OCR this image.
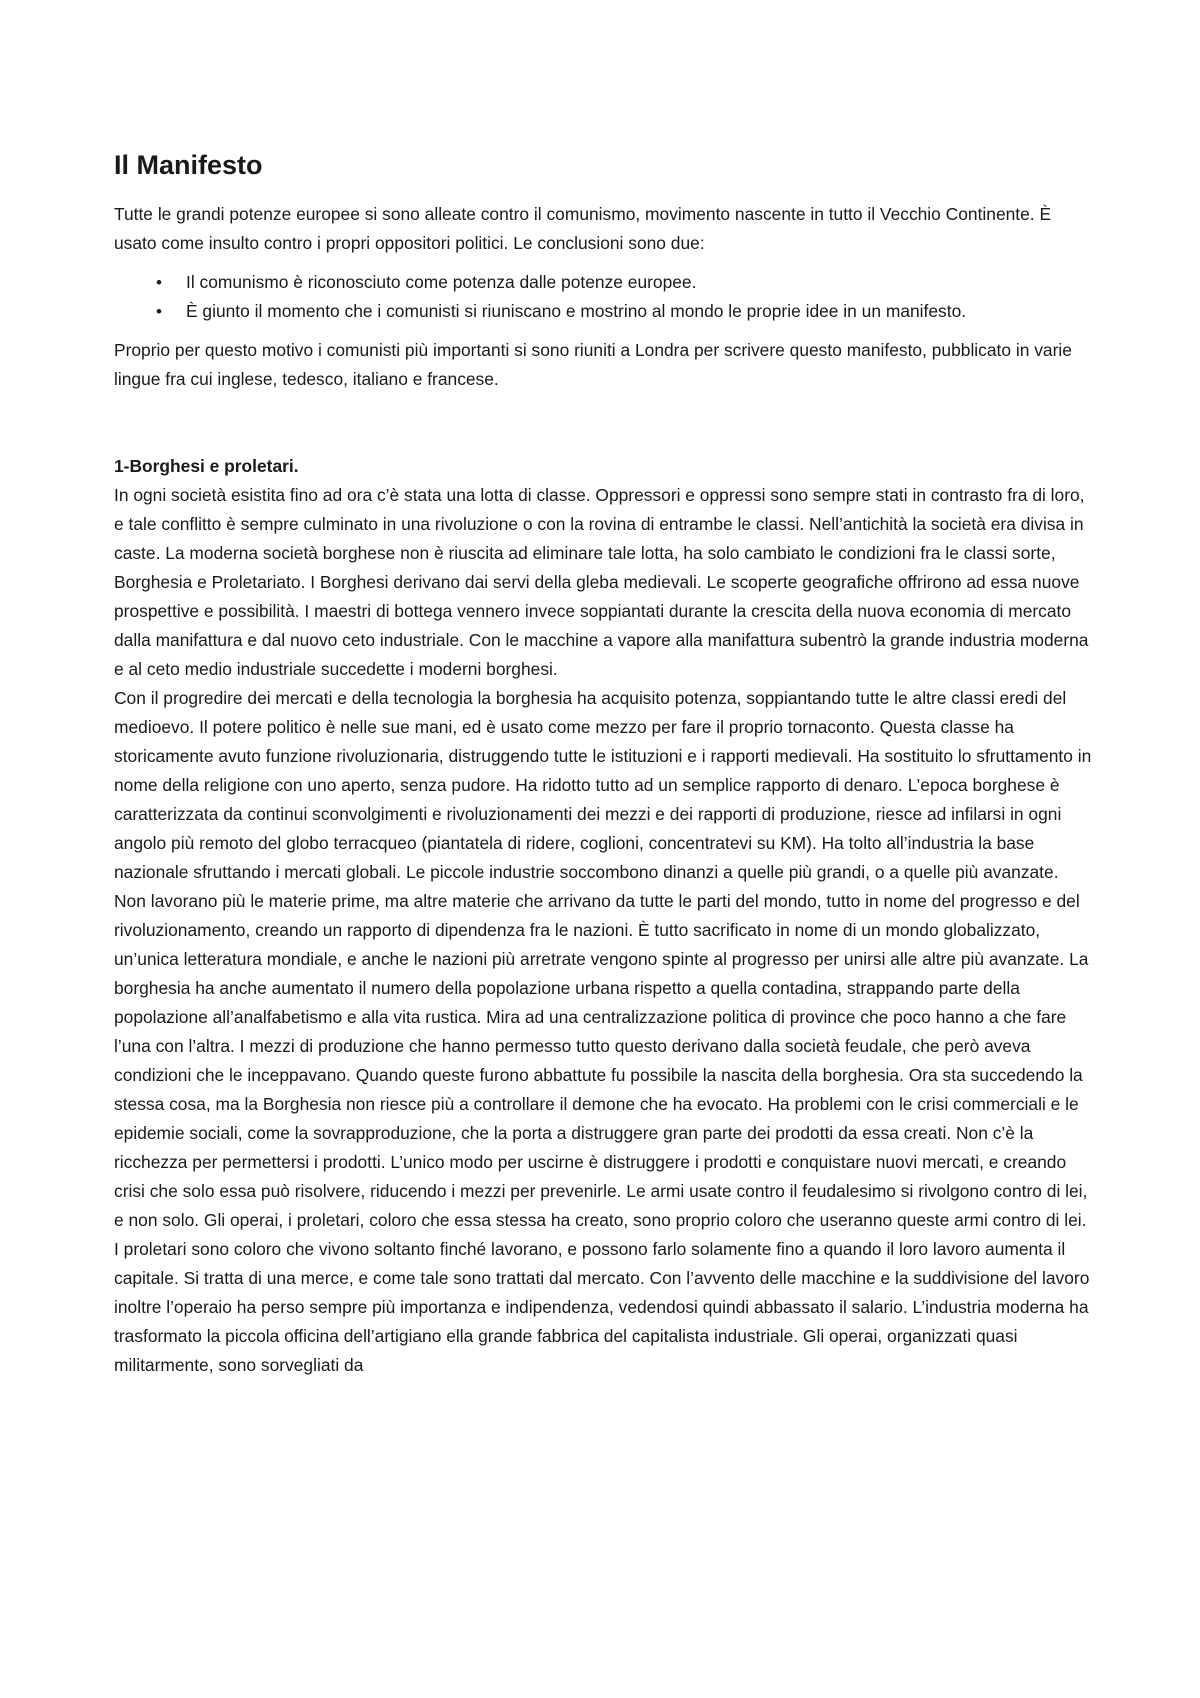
Il Manifesto

Tutte le grandi potenze europee si sono alleate contro il comunismo, movimento nascente in tutto il Vecchio Continente. È usato come insulto contro i propri oppositori politici. Le conclusioni sono due:

• Il comunismo è riconosciuto come potenza dalle potenze europee.
• È giunto il momento che i comunisti si riuniscano e mostrino al mondo le proprie idee in un manifesto.

Proprio per questo motivo i comunisti più importanti si sono riuniti a Londra per scrivere questo manifesto, pubblicato in varie lingue fra cui inglese, tedesco, italiano e francese.

1-Borghesi e proletari.

In ogni società esistita fino ad ora c’è stata una lotta di classe. Oppressori e oppressi sono sempre stati in contrasto fra di loro, e tale conflitto è sempre culminato in una rivoluzione o con la rovina di entrambe le classi. Nell’antichità la società era divisa in caste. La moderna società borghese non è riuscita ad eliminare tale lotta, ha solo cambiato le condizioni fra le classi sorte, Borghesia e Proletariato. I Borghesi derivano dai servi della gleba medievali. Le scoperte geografiche offrirono ad essa nuove prospettive e possibilità. I maestri di bottega vennero invece soppiantati durante la crescita della nuova economia di mercato dalla manifattura e dal nuovo ceto industriale. Con le macchine a vapore alla manifattura subentrò la grande industria moderna e al ceto medio industriale succedette i moderni borghesi.

Con il progredire dei mercati e della tecnologia la borghesia ha acquisito potenza, soppiantando tutte le altre classi eredi del medioevo. Il potere politico è nelle sue mani, ed è usato come mezzo per fare il proprio tornaconto. Questa classe ha storicamente avuto funzione rivoluzionaria, distruggendo tutte le istituzioni e i rapporti medievali. Ha sostituito lo sfruttamento in nome della religione con uno aperto, senza pudore. Ha ridotto tutto ad un semplice rapporto di denaro. L’epoca borghese è caratterizzata da continui sconvolgimenti e rivoluzionamenti dei mezzi e dei rapporti di produzione, riesce ad infilarsi in ogni angolo più remoto del globo terracqueo (piantatela di ridere, coglioni, concentratevi su KM). Ha tolto all’industria la base nazionale sfruttando i mercati globali. Le piccole industrie soccombono dinanzi a quelle più grandi, o a quelle più avanzate. Non lavorano più le materie prime, ma altre materie che arrivano da tutte le parti del mondo, tutto in nome del progresso e del rivoluzionamento, creando un rapporto di dipendenza fra le nazioni. È tutto sacrificato in nome di un mondo globalizzato, un’unica letteratura mondiale, e anche le nazioni più arretrate vengono spinte al progresso per unirsi alle altre più avanzate. La borghesia ha anche aumentato il numero della popolazione urbana rispetto a quella contadina, strappando parte della popolazione all’analfabetismo e alla vita rustica. Mira ad una centralizzazione politica di province che poco hanno a che fare l’una con l’altra. I mezzi di produzione che hanno permesso tutto questo derivano dalla società feudale, che però aveva condizioni che le inceppavano. Quando queste furono abbattute fu possibile la nascita della borghesia. Ora sta succedendo la stessa cosa, ma la Borghesia non riesce più a controllare il demone che ha evocato. Ha problemi con le crisi commerciali e le epidemie sociali, come la sovrapproduzione, che la porta a distruggere gran parte dei prodotti da essa creati. Non c’è la ricchezza per permettersi i prodotti. L’unico modo per uscirne è distruggere i prodotti e conquistare nuovi mercati, e creando crisi che solo essa può risolvere, riducendo i mezzi per prevenirle. Le armi usate contro il feudalesimo si rivolgono contro di lei, e non solo. Gli operai, i proletari, coloro che essa stessa ha creato, sono proprio coloro che useranno queste armi contro di lei.

I proletari sono coloro che vivono soltanto finché lavorano, e possono farlo solamente fino a quando il loro lavoro aumenta il capitale. Si tratta di una merce, e come tale sono trattati dal mercato. Con l’avvento delle macchine e la suddivisione del lavoro inoltre l’operaio ha perso sempre più importanza e indipendenza, vedendosi quindi abbassato il salario. L’industria moderna ha trasformato la piccola officina dell’artigiano ella grande fabbrica del capitalista industriale. Gli operai, organizzati quasi militarmente, sono sorvegliati da
